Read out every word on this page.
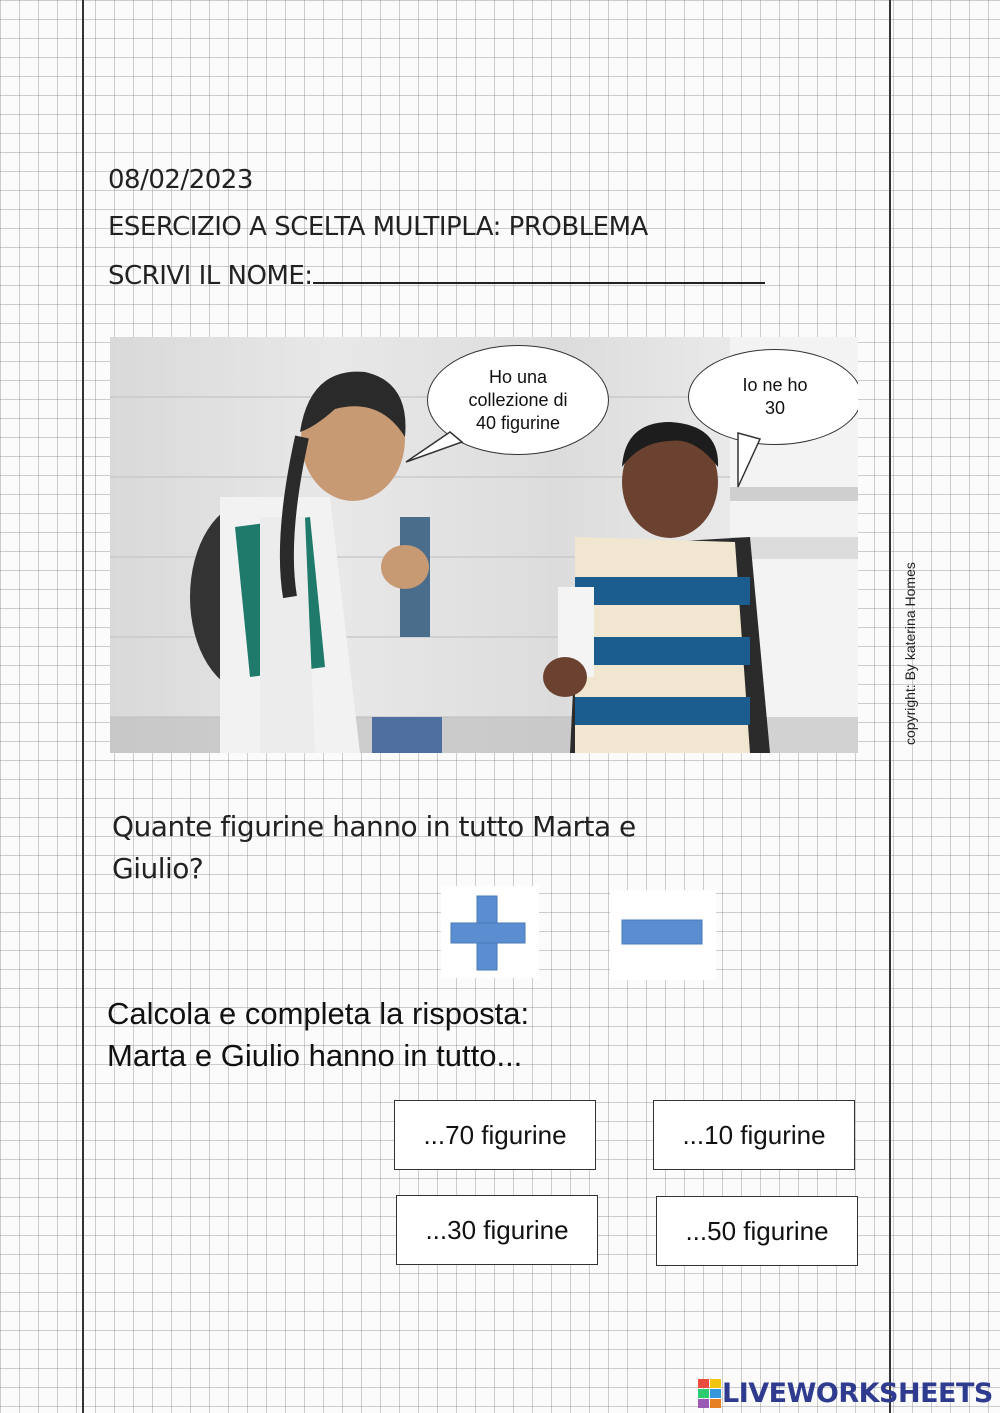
08/02/2023
ESERCIZIO A SCELTA MULTIPLA: PROBLEMA
SCRIVI IL NOME:
Ho una collezione di 40 figurine
Io ne ho 30
copyright: By katerina Homes
Quante figurine hanno in tutto Marta e Giulio?
Calcola e completa la risposta:
Marta e Giulio hanno in tutto...
...70 figurine	...10 figurine
...30 figurine	...50 figurine
LIVEWORKSHEETS
